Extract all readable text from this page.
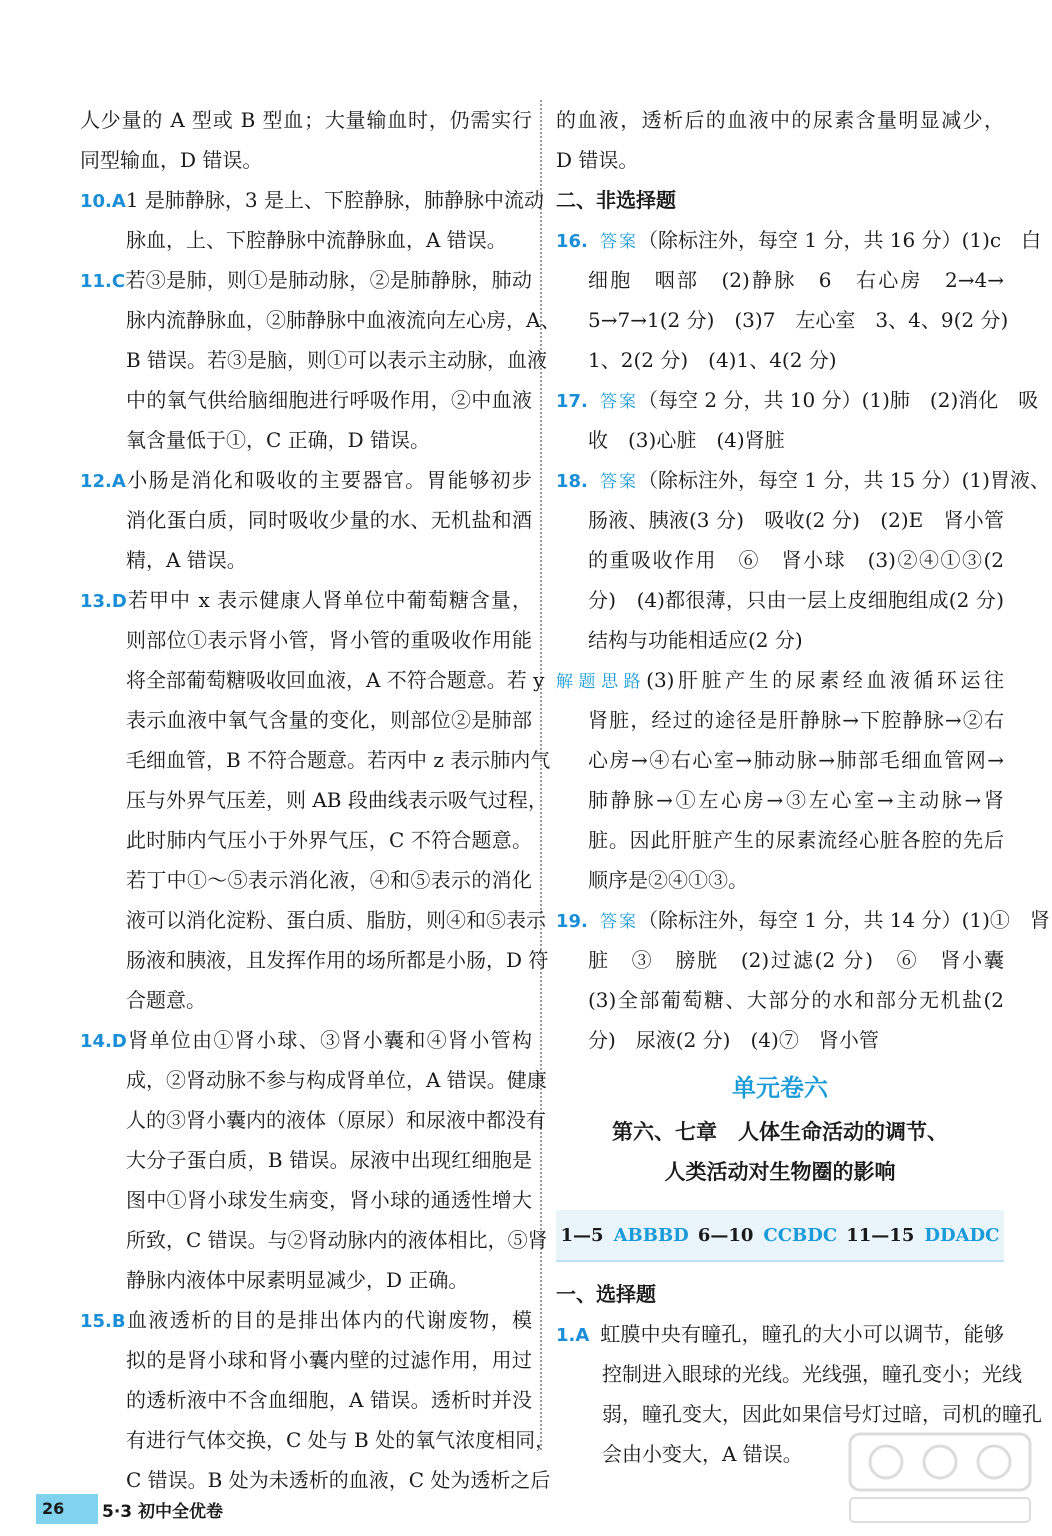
人少量的 A 型或 B 型血；大量输血时，仍需实行
同型输血，D 错误。
10.A1 是肺静脉，3 是上、下腔静脉，肺静脉中流动
脉血，上、下腔静脉中流静脉血，A 错误。
11.C若③是肺，则①是肺动脉，②是肺静脉，肺动
脉内流静脉血，②肺静脉中血液流向左心房，A、
B 错误。若③是脑，则①可以表示主动脉，血液
中的氧气供给脑细胞进行呼吸作用，②中血液
氧含量低于①，C 正确，D 错误。
12.A小肠是消化和吸收的主要器官。胃能够初步
消化蛋白质，同时吸收少量的水、无机盐和酒
精，A 错误。
13.D若甲中 x 表示健康人肾单位中葡萄糖含量，
则部位①表示肾小管，肾小管的重吸收作用能
将全部葡萄糖吸收回血液，A 不符合题意。若 y
表示血液中氧气含量的变化，则部位②是肺部
毛细血管，B 不符合题意。若丙中 z 表示肺内气
压与外界气压差，则 AB 段曲线表示吸气过程，
此时肺内气压小于外界气压，C 不符合题意。
若丁中①～⑤表示消化液，④和⑤表示的消化
液可以消化淀粉、蛋白质、脂肪，则④和⑤表示
肠液和胰液，且发挥作用的场所都是小肠，D 符
合题意。
14.D肾单位由①肾小球、③肾小囊和④肾小管构
成，②肾动脉不参与构成肾单位，A 错误。健康
人的③肾小囊内的液体（原尿）和尿液中都没有
大分子蛋白质，B 错误。尿液中出现红细胞是
图中①肾小球发生病变，肾小球的通透性增大
所致，C 错误。与②肾动脉内的液体相比，⑤肾
静脉内液体中尿素明显减少，D 正确。
15.B血液透析的目的是排出体内的代谢废物，模
拟的是肾小球和肾小囊内壁的过滤作用，用过
的透析液中不含血细胞，A 错误。透析时并没
有进行气体交换，C 处与 B 处的氧气浓度相同，
C 错误。B 处为未透析的血液，C 处为透析之后
的血液，透析后的血液中的尿素含量明显减少，
D 错误。
二、非选择题
16. 答案（除标注外，每空 1 分，共 16 分）(1)c　白
细胞　咽部　(2)静脉　6　右心房　2→4→
5→7→1(2 分)　(3)7　左心室　3、4、9(2 分)
1、2(2 分)　(4)1、4(2 分)
17. 答案（每空 2 分，共 10 分）(1)肺　(2)消化　吸
收　(3)心脏　(4)肾脏
18. 答案（除标注外，每空 1 分，共 15 分）(1)胃液、
肠液、胰液(3 分)　吸收(2 分)　(2)E　肾小管
的重吸收作用　⑥　肾小球　(3)②④①③(2
分)　(4)都很薄，只由一层上皮细胞组成(2 分)
结构与功能相适应(2 分)
解题思路(3)肝脏产生的尿素经血液循环运往
肾脏，经过的途径是肝静脉→下腔静脉→②右
心房→④右心室→肺动脉→肺部毛细血管网→
肺静脉→①左心房→③左心室→主动脉→肾
脏。因此肝脏产生的尿素流经心脏各腔的先后
顺序是②④①③。
19. 答案（除标注外，每空 1 分，共 14 分）(1)①　肾
脏　③　膀胱　(2)过滤(2 分)　⑥　肾小囊
(3)全部葡萄糖、大部分的水和部分无机盐(2
分)　尿液(2 分)　(4)⑦　肾小管
单元卷六
第六、七章　人体生命活动的调节、
人类活动对生物圈的影响
1—5 ABBBD 6—10 CCBDC 11—15 DDADC
一、选择题
1.A 虹膜中央有瞳孔，瞳孔的大小可以调节，能够
控制进入眼球的光线。光线强，瞳孔变小；光线
弱，瞳孔变大，因此如果信号灯过暗，司机的瞳孔
会由小变大，A 错误。
26	5·3 初中全优卷
